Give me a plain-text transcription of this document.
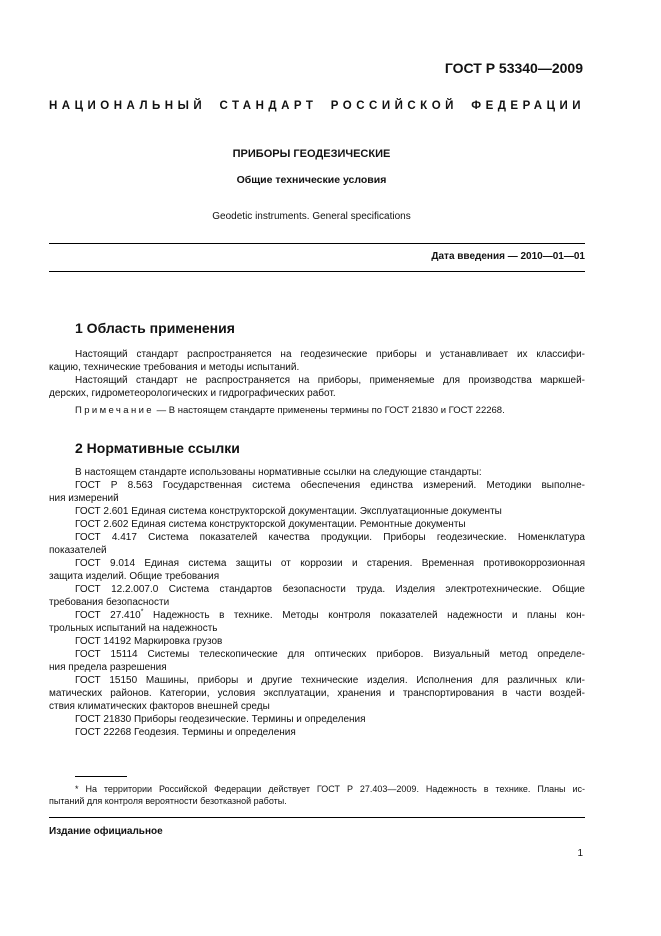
ГОСТ Р 53340—2009
НАЦИОНАЛЬНЫЙ СТАНДАРТ РОССИЙСКОЙ ФЕДЕРАЦИИ
ПРИБОРЫ ГЕОДЕЗИЧЕСКИЕ
Общие технические условия
Geodetic instruments. General specifications
Дата введения — 2010—01—01
1 Область применения
Настоящий стандарт распространяется на геодезические приборы и устанавливает их классифи-
кацию, технические требования и методы испытаний.
Настоящий стандарт не распространяется на приборы, применяемые для производства маркшей-
дерских, гидрометеорологических и гидрографических работ.
Примечание — В настоящем стандарте применены термины по ГОСТ 21830 и ГОСТ 22268.
2 Нормативные ссылки
В настоящем стандарте использованы нормативные ссылки на следующие стандарты:
ГОСТ Р 8.563 Государственная система обеспечения единства измерений. Методики выполне-
ния измерений
ГОСТ 2.601 Единая система конструкторской документации. Эксплуатационные документы
ГОСТ 2.602 Единая система конструкторской документации. Ремонтные документы
ГОСТ 4.417 Система показателей качества продукции. Приборы геодезические. Номенклатура
показателей
ГОСТ 9.014 Единая система защиты от коррозии и старения. Временная противокоррозионная
защита изделий. Общие требования
ГОСТ 12.2.007.0 Система стандартов безопасности труда. Изделия электротехнические. Общие
требования безопасности
ГОСТ 27.410* Надежность в технике. Методы контроля показателей надежности и планы кон-
трольных испытаний на надежность
ГОСТ 14192 Маркировка грузов
ГОСТ 15114 Системы телескопические для оптических приборов. Визуальный метод определе-
ния предела разрешения
ГОСТ 15150 Машины, приборы и другие технические изделия. Исполнения для различных кли-
матических районов. Категории, условия эксплуатации, хранения и транспортирования в части воздей-
ствия климатических факторов внешней среды
ГОСТ 21830 Приборы геодезические. Термины и определения
ГОСТ 22268 Геодезия. Термины и определения
* На территории Российской Федерации действует ГОСТ Р 27.403—2009. Надежность в технике. Планы ис-
пытаний для контроля вероятности безотказной работы.
Издание официальное
1
